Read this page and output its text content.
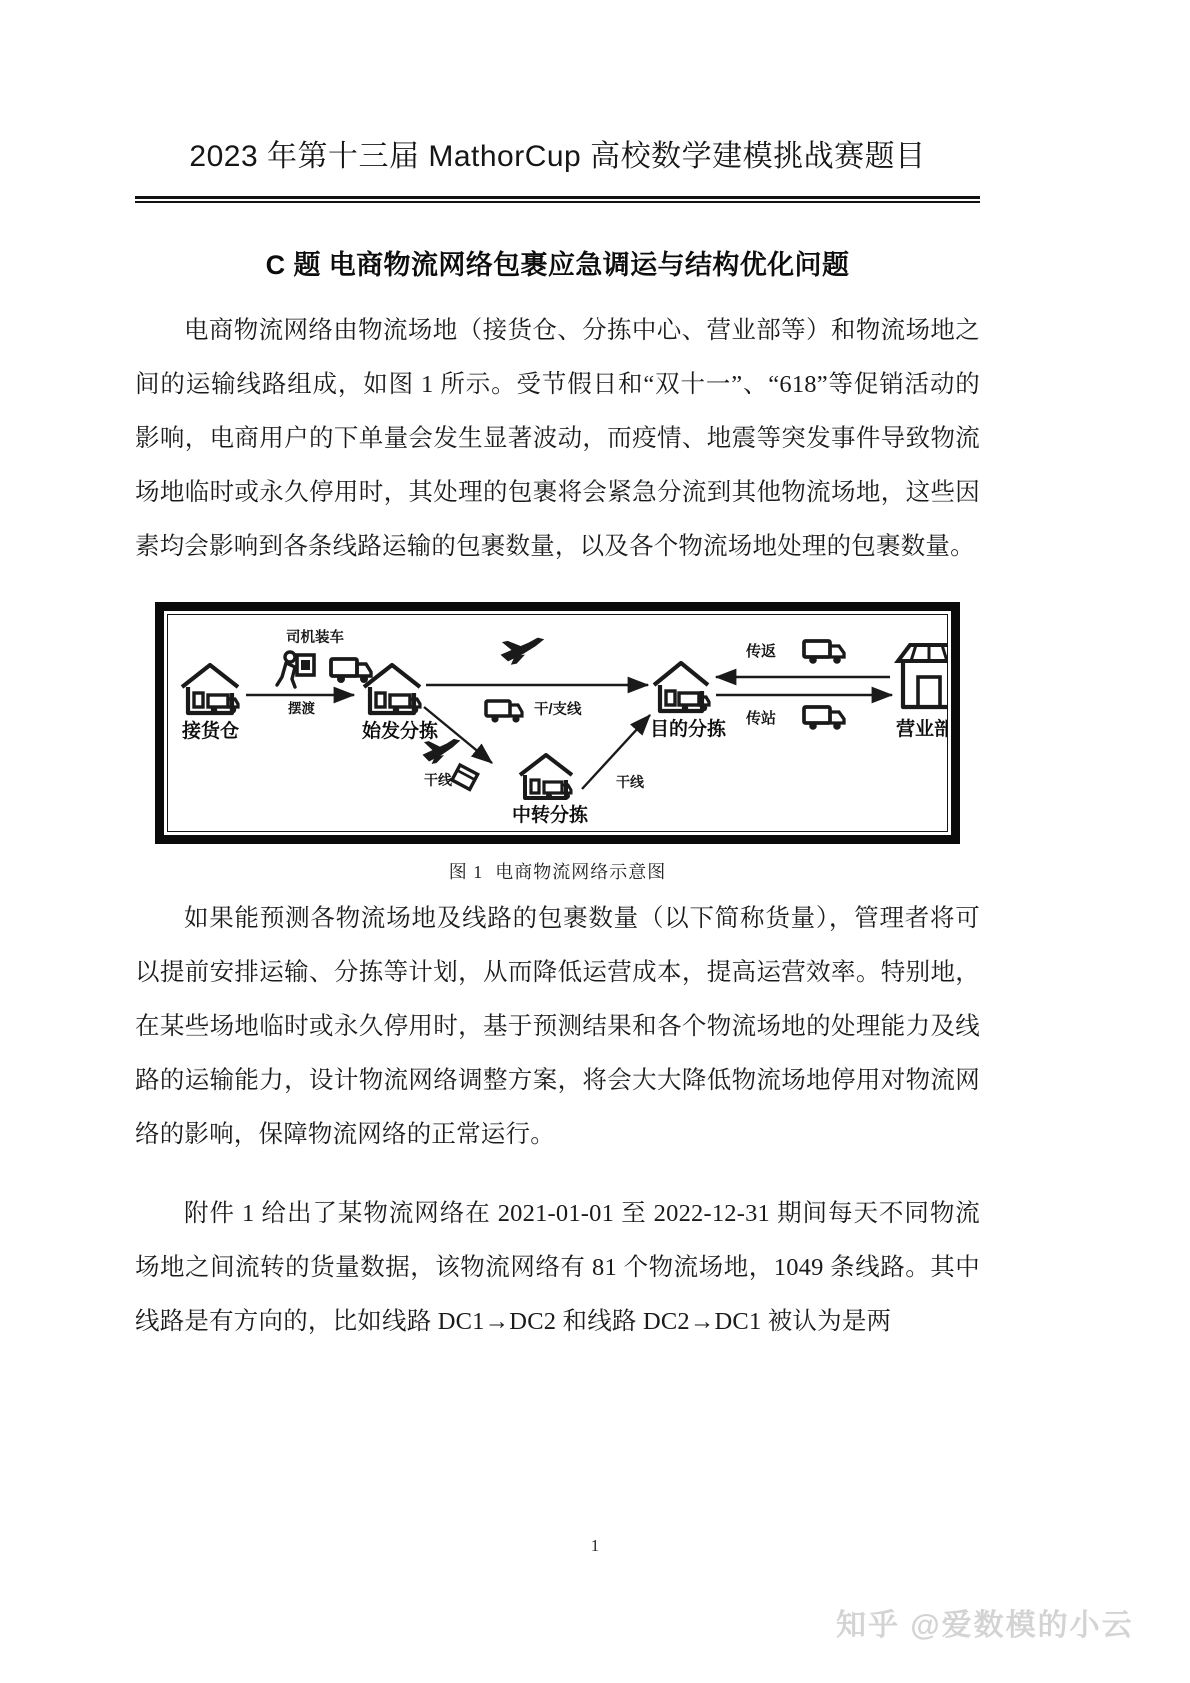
2023 年第十三届 MathorCup 高校数学建模挑战赛题目
C 题 电商物流网络包裹应急调运与结构优化问题

电商物流网络由物流场地（接货仓、分拣中心、营业部等）和物流场地之间的运输线路组成，如图 1 所示。受节假日和“双十一”、“618”等促销活动的影响，电商用户的下单量会发生显著波动，而疫情、地震等突发事件导致物流场地临时或永久停用时，其处理的包裹将会紧急分流到其他物流场地，这些因素均会影响到各条线路运输的包裹数量，以及各个物流场地处理的包裹数量。

司机装车
摆渡
接货仓	始发分拣
干/支线
干线
中转分拣
干线
目的分拣
传返
传站
营业部
图 1 电商物流网络示意图

如果能预测各物流场地及线路的包裹数量（以下简称货量），管理者将可以提前安排运输、分拣等计划，从而降低运营成本，提高运营效率。特别地，在某些场地临时或永久停用时，基于预测结果和各个物流场地的处理能力及线路的运输能力，设计物流网络调整方案，将会大大降低物流场地停用对物流网络的影响，保障物流网络的正常运行。

附件 1 给出了某物流网络在 2021-01-01 至 2022-12-31 期间每天不同物流场地之间流转的货量数据，该物流网络有 81 个物流场地，1049 条线路。其中线路是有方向的，比如线路 DC1→DC2 和线路 DC2→DC1 被认为是两

1
知乎 @爱数模的小云
